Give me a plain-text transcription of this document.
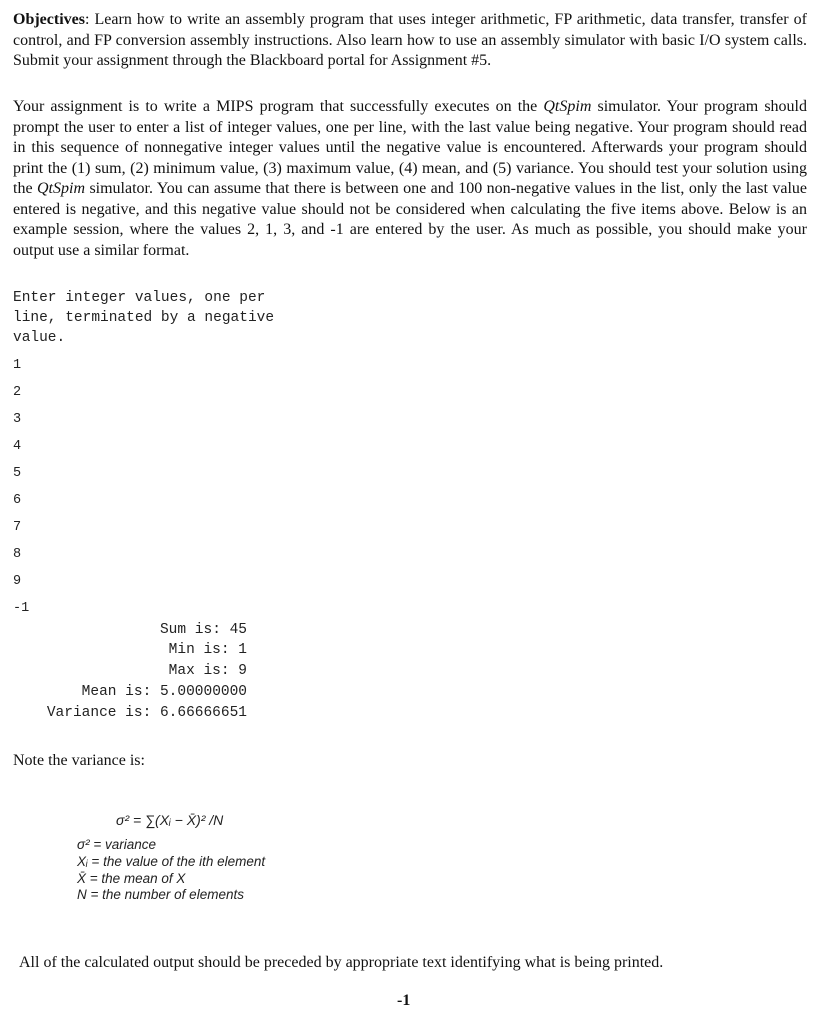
Objectives: Learn how to write an assembly program that uses integer arithmetic, FP arithmetic, data transfer, transfer of control, and FP conversion assembly instructions. Also learn how to use an assembly simulator with basic I/O system calls. Submit your assignment through the Blackboard portal for Assignment #5.

Your assignment is to write a MIPS program that successfully executes on the QtSpim simulator. Your program should prompt the user to enter a list of integer values, one per line, with the last value being negative. Your program should read in this sequence of nonnegative integer values until the negative value is encountered. Afterwards your program should print the (1) sum, (2) minimum value, (3) maximum value, (4) mean, and (5) variance. You should test your solution using the QtSpim simulator. You can assume that there is between one and 100 non-negative values in the list, only the last value entered is negative, and this negative value should not be considered when calculating the five items above. Below is an example session, where the values 2, 1, 3, and -1 are entered by the user. As much as possible, you should make your output use a similar format.

Enter integer values, one per
line, terminated by a negative
value.
1
2
3
4
5
6
7
8
9
-1
Sum is: 45
Min is: 1
Max is: 9
Mean is: 5.00000000
Variance is: 6.66666651
Note the variance is:
σ² = ∑(Xᵢ − X̄)² /N
σ² = variance
Xᵢ = the value of the ith element
X̄ = the mean of X
N = the number of elements
All of the calculated output should be preceded by appropriate text identifying what is being printed.
-1
